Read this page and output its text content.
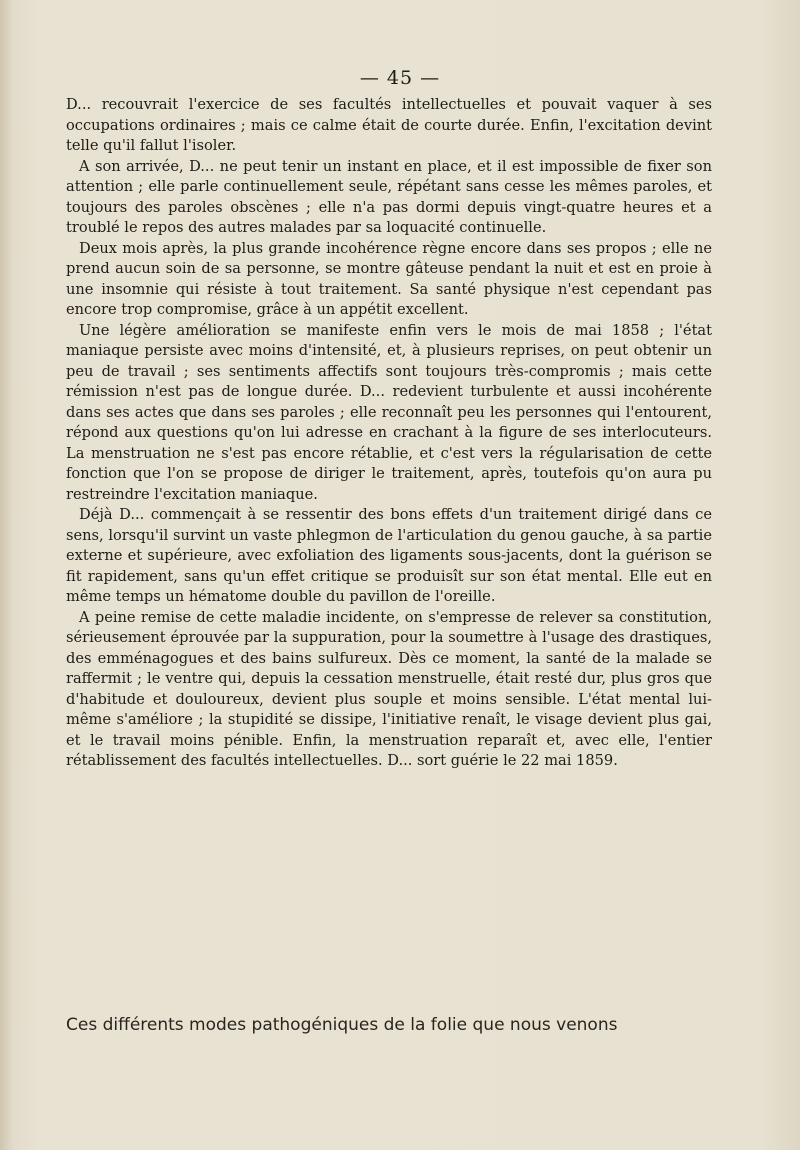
— 45 —

D... recouvrait l'exercice de ses facultés intellectuelles et pouvait vaquer à ses occupations ordinaires ; mais ce calme était de courte durée. Enfin, l'excitation devint telle qu'il fallut l'isoler.

A son arrivée, D... ne peut tenir un instant en place, et il est impossible de fixer son attention ; elle parle continuellement seule, répétant sans cesse les mêmes paroles, et toujours des paroles obscènes ; elle n'a pas dormi depuis vingt-quatre heures et a troublé le repos des autres malades par sa loquacité continuelle.

Deux mois après, la plus grande incohérence règne encore dans ses propos ; elle ne prend aucun soin de sa personne, se montre gâteuse pendant la nuit et est en proie à une insomnie qui résiste à tout traitement. Sa santé physique n'est cependant pas encore trop compromise, grâce à un appétit excellent.

Une légère amélioration se manifeste enfin vers le mois de mai 1858 ; l'état maniaque persiste avec moins d'intensité, et, à plusieurs reprises, on peut obtenir un peu de travail ; ses sentiments affectifs sont toujours très-compromis ; mais cette rémission n'est pas de longue durée. D... redevient turbulente et aussi incohérente dans ses actes que dans ses paroles ; elle reconnaît peu les personnes qui l'entourent, répond aux questions qu'on lui adresse en crachant à la figure de ses interlocuteurs. La menstruation ne s'est pas encore rétablie, et c'est vers la régularisation de cette fonction que l'on se propose de diriger le traitement, après, toutefois qu'on aura pu restreindre l'excitation maniaque.

Déjà D... commençait à se ressentir des bons effets d'un traitement dirigé dans ce sens, lorsqu'il survint un vaste phlegmon de l'articulation du genou gauche, à sa partie externe et supérieure, avec exfoliation des ligaments sous-jacents, dont la guérison se fit rapidement, sans qu'un effet critique se produisît sur son état mental. Elle eut en même temps un hématome double du pavillon de l'oreille.

A peine remise de cette maladie incidente, on s'empresse de relever sa constitution, sérieusement éprouvée par la suppuration, pour la soumettre à l'usage des drastiques, des emménagogues et des bains sulfureux. Dès ce moment, la santé de la malade se raffermit ; le ventre qui, depuis la cessation menstruelle, était resté dur, plus gros que d'habitude et douloureux, devient plus souple et moins sensible. L'état mental lui-même s'améliore ; la stupidité se dissipe, l'initiative renaît, le visage devient plus gai, et le travail moins pénible. Enfin, la menstruation reparaît et, avec elle, l'entier rétablissement des facultés intellectuelles. D... sort guérie le 22 mai 1859.

Ces différents modes pathogéniques de la folie que nous venons
